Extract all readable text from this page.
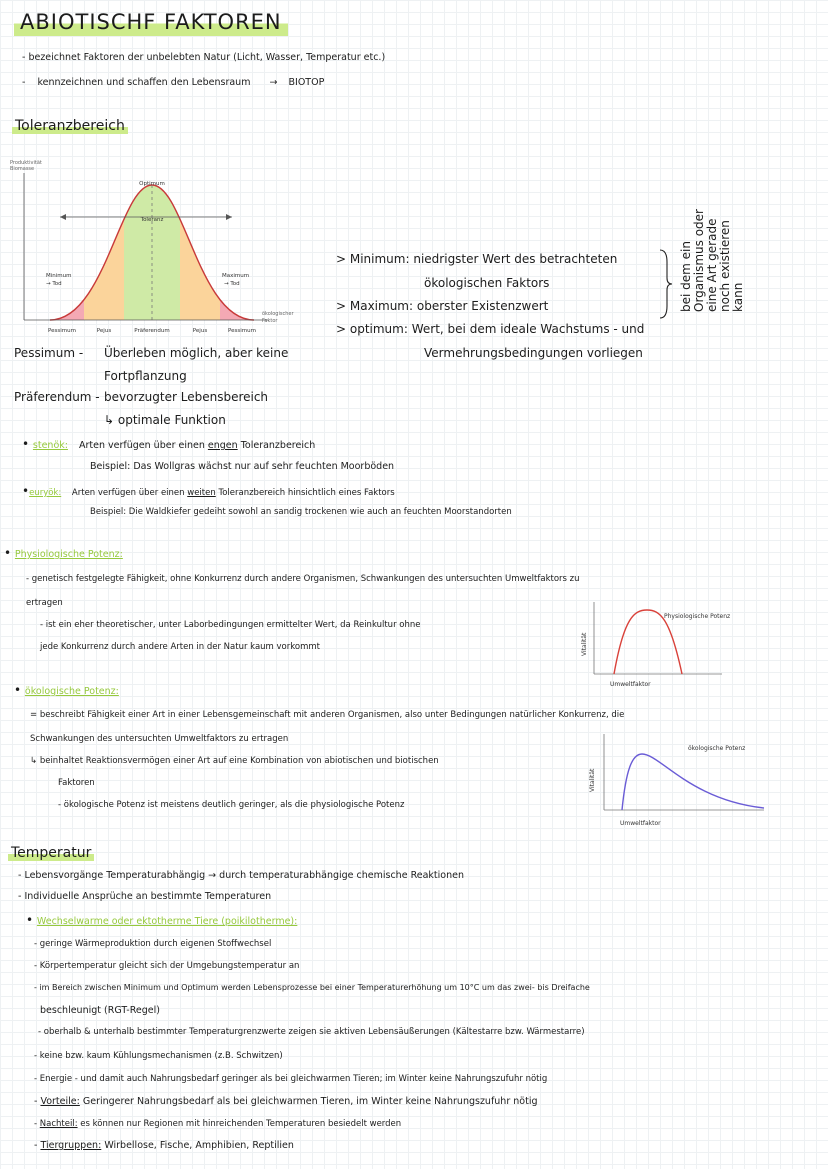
ABIOTISCHF FAKTOREN
- bezeichnet Faktoren der unbelebten Natur (Licht, Wasser, Temperatur etc.)
-    kennzeichnen und schaffen den Lebensraum → BIOTOP
Toleranzbereich
Produktivität
Biomasse
Optimum
Toleranz
Minimum
→ Tod
Maximum
→ Tod
ökologischer
Faktor
Pessimum	Pejus	Präferendum	Pejus	Pessimum
> Minimum: niedrigster Wert des betrachteten
ökologischen Faktors
> Maximum: oberster Existenzwert
> optimum: Wert, bei dem ideale Wachstums - und
Vermehrungsbedingungen vorliegen
bei dem ein Organismus oder eine Art gerade noch existieren kann
Pessimum - Überleben möglich, aber keine
Fortpflanzung
Präferendum - bevorzugter Lebensbereich
↳ optimale Funktion
• stenök: Arten verfügen über einen engen Toleranzbereich
Beispiel: Das Wollgras wächst nur auf sehr feuchten Moorböden
•euryök: Arten verfügen über einen weiten Toleranzbereich hinsichtlich eines Faktors
Beispiel: Die Waldkiefer gedeiht sowohl an sandig trockenen wie auch an feuchten Moorstandorten
• Physiologische Potenz:
- genetisch festgelegte Fähigkeit, ohne Konkurrenz durch andere Organismen, Schwankungen des untersuchten Umweltfaktors zu
ertragen
- ist ein eher theoretischer, unter Laborbedingungen ermittelter Wert, da Reinkultur ohne
jede Konkurrenz durch andere Arten in der Natur kaum vorkommt
Physiologische Potenz
Vitalität
Umweltfaktor
• ökologische Potenz:
= beschreibt Fähigkeit einer Art in einer Lebensgemeinschaft mit anderen Organismen, also unter Bedingungen natürlicher Konkurrenz, die
Schwankungen des untersuchten Umweltfaktors zu ertragen
↳ beinhaltet Reaktionsvermögen einer Art auf eine Kombination von abiotischen und biotischen
Faktoren
- ökologische Potenz ist meistens deutlich geringer, als die physiologische Potenz
ökologische Potenz
Vitalität
Umweltfaktor
Temperatur
- Lebensvorgänge Temperaturabhängig → durch temperaturabhängige chemische Reaktionen
- Individuelle Ansprüche an bestimmte Temperaturen
• Wechselwarme oder ektotherme Tiere (poikilotherme):
- geringe Wärmeproduktion durch eigenen Stoffwechsel
- Körpertemperatur gleicht sich der Umgebungstemperatur an
- im Bereich zwischen Minimum und Optimum werden Lebensprozesse bei einer Temperaturerhöhung um 10°C um das zwei- bis Dreifache
beschleunigt (RGT-Regel)
- oberhalb & unterhalb bestimmter Temperaturgrenzwerte zeigen sie aktiven Lebensäußerungen (Kältestarre bzw. Wärmestarre)
- keine bzw. kaum Kühlungsmechanismen (z.B. Schwitzen)
- Energie - und damit auch Nahrungsbedarf geringer als bei gleichwarmen Tieren; im Winter keine Nahrungszufuhr nötig
- Vorteile: Geringerer Nahrungsbedarf als bei gleichwarmen Tieren, im Winter keine Nahrungszufuhr nötig
- Nachteil: es können nur Regionen mit hinreichenden Temperaturen besiedelt werden
- Tiergruppen: Wirbellose, Fische, Amphibien, Reptilien
